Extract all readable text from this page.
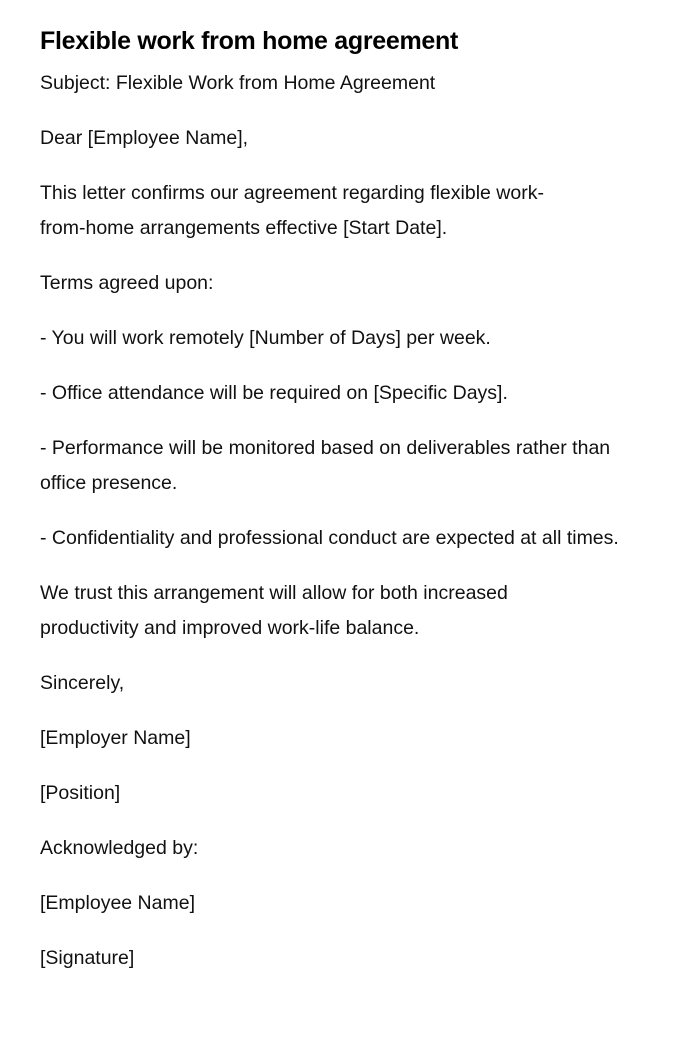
Flexible work from home agreement

Subject: Flexible Work from Home Agreement

Dear [Employee Name],

This letter confirms our agreement regarding flexible work-from-home arrangements effective [Start Date].

Terms agreed upon:

- You will work remotely [Number of Days] per week.

- Office attendance will be required on [Specific Days].

- Performance will be monitored based on deliverables rather than office presence.

- Confidentiality and professional conduct are expected at all times.

We trust this arrangement will allow for both increased productivity and improved work-life balance.

Sincerely,

[Employer Name]

[Position]

Acknowledged by:

[Employee Name]

[Signature]
